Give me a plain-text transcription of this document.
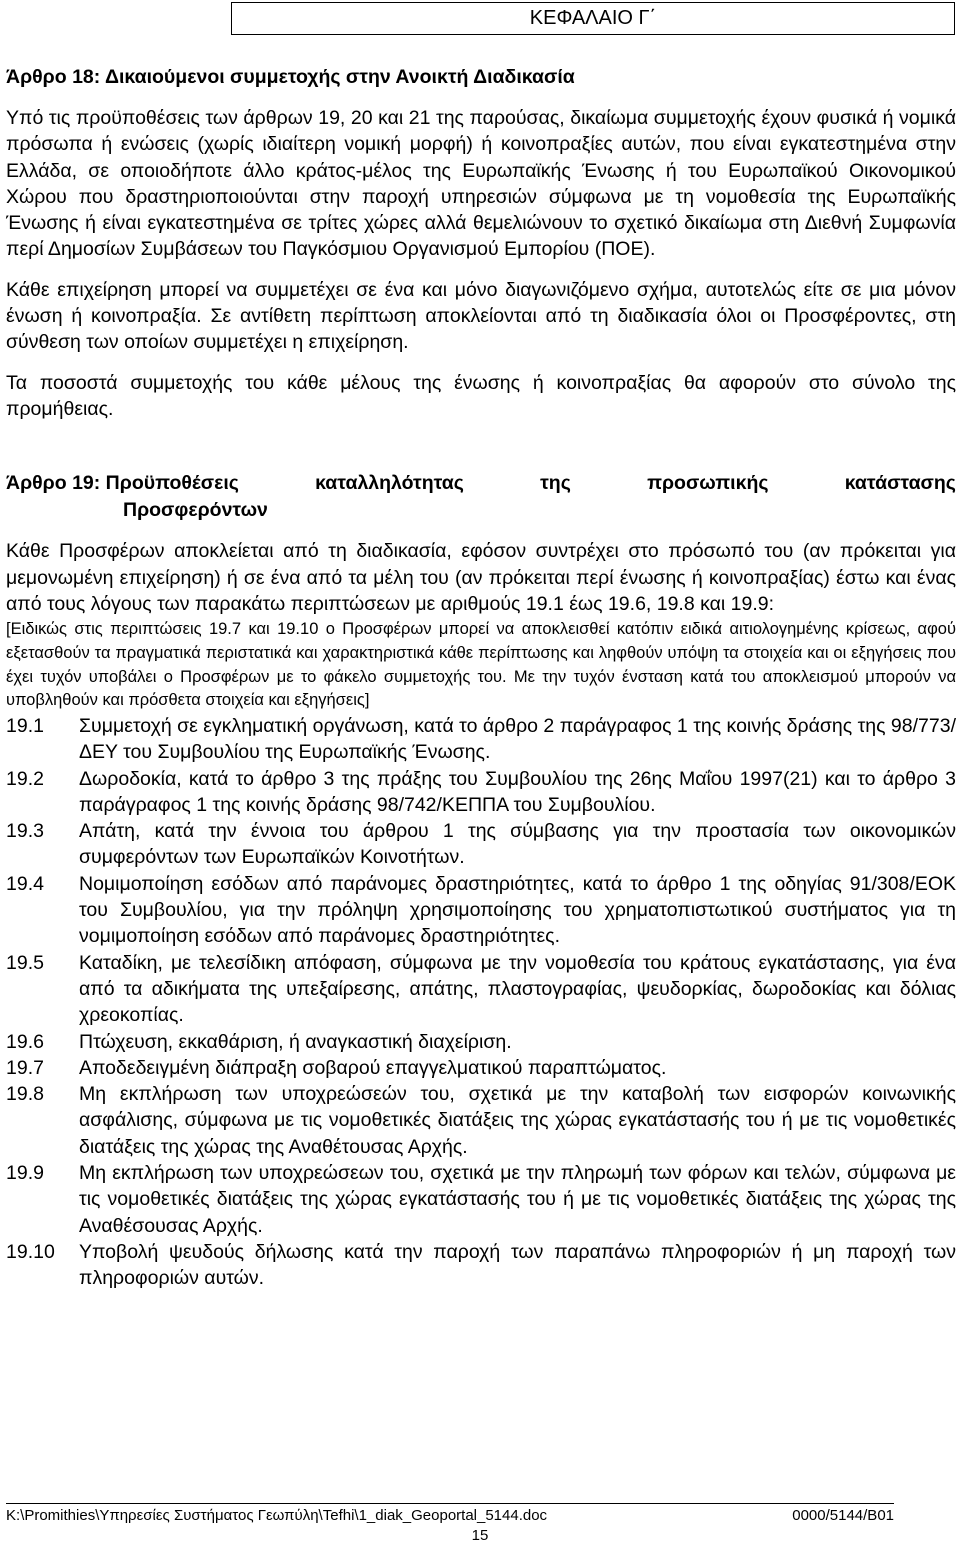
ΚΕΦΑΛΑΙΟ Γ΄
Άρθρο 18: Δικαιούμενοι συμμετοχής στην Ανοικτή Διαδικασία

Υπό τις προϋποθέσεις των άρθρων 19, 20 και 21 της παρούσας, δικαίωμα συμμετοχής έχουν φυσικά ή νομικά πρόσωπα ή ενώσεις (χωρίς ιδιαίτερη νομική μορφή) ή κοινοπραξίες αυτών, που είναι εγκατεστημένα στην Ελλάδα, σε οποιοδήποτε άλλο κράτος-μέλος της Ευρωπαϊκής Ένωσης ή του Ευρωπαϊκού Οικονομικού Χώρου που δραστηριοποιούνται στην παροχή υπηρεσιών σύμφωνα με τη νομοθεσία της Ευρωπαϊκής Ένωσης ή είναι εγκατεστημένα σε τρίτες χώρες αλλά θεμελιώνουν το σχετικό δικαίωμα στη Διεθνή Συμφωνία περί Δημοσίων Συμβάσεων του Παγκόσμιου Οργανισμού Εμπορίου (ΠΟΕ).

Κάθε επιχείρηση μπορεί να συμμετέχει σε ένα και μόνο διαγωνιζόμενο σχήμα, αυτοτελώς είτε σε μια μόνον ένωση ή κοινοπραξία. Σε αντίθετη περίπτωση αποκλείονται από τη διαδικασία όλοι οι Προσφέροντες, στη σύνθεση των οποίων συμμετέχει η επιχείρηση.

Τα ποσοστά συμμετοχής του κάθε μέλους της ένωσης ή κοινοπραξίας θα αφορούν στο σύνολο της προμήθειας.

Άρθρο 19: Προϋποθέσεις	καταλληλότητας	της	προσωπικής	κατάστασης
Προσφερόντων

Κάθε Προσφέρων αποκλείεται από τη διαδικασία, εφόσον συντρέχει στο πρόσωπό του (αν πρόκειται για μεμονωμένη επιχείρηση) ή σε ένα από τα μέλη του (αν πρόκειται περί ένωσης ή κοινοπραξίας) έστω και ένας από τους λόγους των παρακάτω περιπτώσεων με αριθμούς 19.1 έως 19.6, 19.8 και 19.9:

[Ειδικώς στις περιπτώσεις 19.7 και 19.10 ο Προσφέρων μπορεί να αποκλεισθεί κατόπιν ειδικά αιτιολογημένης κρίσεως, αφού εξετασθούν τα πραγματικά περιστατικά και χαρακτηριστικά κάθε περίπτωσης και ληφθούν υπόψη τα στοιχεία και οι εξηγήσεις που έχει τυχόν υποβάλει ο Προσφέρων με το φάκελο συμμετοχής του. Με την τυχόν ένσταση κατά του αποκλεισμού μπορούν να υποβληθούν και πρόσθετα στοιχεία και εξηγήσεις]

19.1	Συμμετοχή σε εγκληματική οργάνωση, κατά το άρθρο 2 παράγραφος 1 της κοινής δράσης της 98/773/ΔΕΥ του Συμβουλίου της Ευρωπαϊκής Ένωσης.
19.2	Δωροδοκία, κατά το άρθρο 3 της πράξης του Συμβουλίου της 26ης Μαΐου 1997(21) και το άρθρο 3 παράγραφος 1 της κοινής δράσης 98/742/ΚΕΠΠΑ του Συμβουλίου.
19.3	Απάτη, κατά την έννοια του άρθρου 1 της σύμβασης για την προστασία των οικονομικών συμφερόντων των Ευρωπαϊκών Κοινοτήτων.
19.4	Νομιμοποίηση εσόδων από παράνομες δραστηριότητες, κατά το άρθρο 1 της οδηγίας 91/308/ΕΟΚ του Συμβουλίου, για την πρόληψη χρησιμοποίησης του χρηματοπιστωτικού συστήματος για τη νομιμοποίηση εσόδων από παράνομες δραστηριότητες.
19.5	Καταδίκη, με τελεσίδικη απόφαση, σύμφωνα με την νομοθεσία του κράτους εγκατάστασης, για ένα από τα αδικήματα της υπεξαίρεσης, απάτης, πλαστογραφίας, ψευδορκίας, δωροδοκίας και δόλιας χρεοκοπίας.
19.6	Πτώχευση, εκκαθάριση, ή αναγκαστική διαχείριση.
19.7	Αποδεδειγμένη διάπραξη σοβαρού επαγγελματικού παραπτώματος.
19.8	Μη εκπλήρωση των υποχρεώσεών του, σχετικά με την καταβολή των εισφορών κοινωνικής ασφάλισης, σύμφωνα με τις νομοθετικές διατάξεις της χώρας εγκατάστασής του ή με τις νομοθετικές διατάξεις της χώρας της Αναθέτουσας Αρχής.
19.9	Μη εκπλήρωση των υποχρεώσεων του, σχετικά με την πληρωμή των φόρων και τελών, σύμφωνα με τις νομοθετικές διατάξεις της χώρας εγκατάστασής του ή με τις νομοθετικές διατάξεις της χώρας της Αναθέσουσας Αρχής.
19.10	Υποβολή ψευδούς δήλωσης κατά την παροχή των παραπάνω πληροφοριών ή μη παροχή των πληροφοριών αυτών.
K:\Promithies\Υπηρεσίες Συστήματος Γεωπύλη\Tefhi\1_diak_Geoportal_5144.doc	0000/5144/B01
15
